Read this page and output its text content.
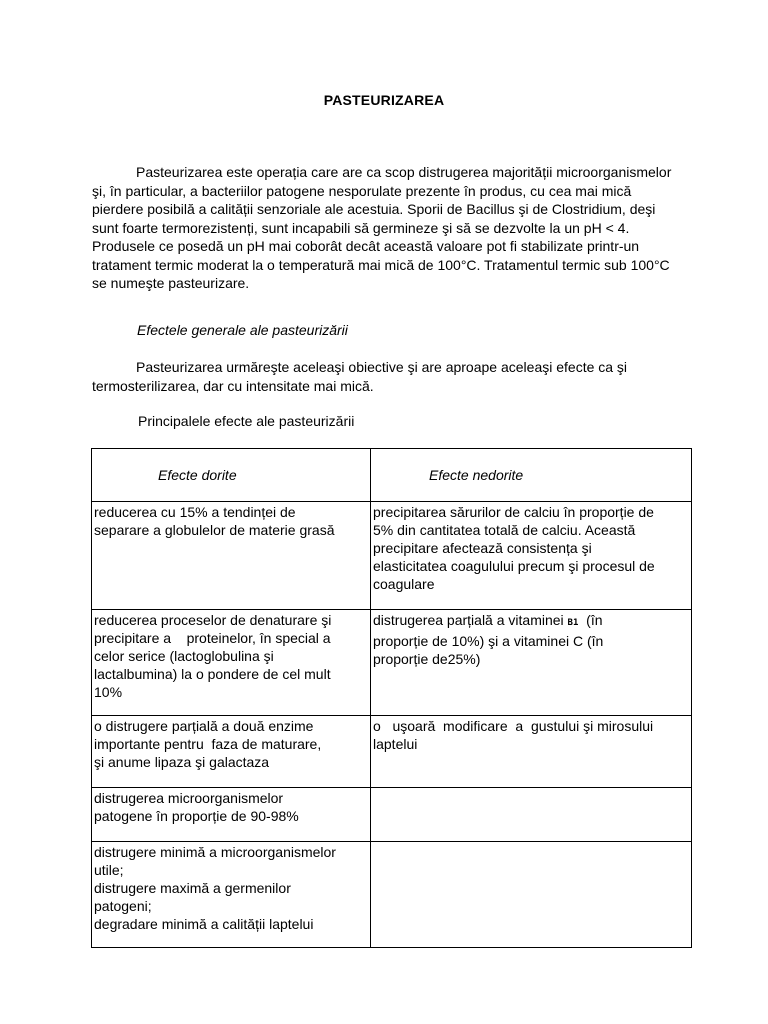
PASTEURIZAREA
Pasteurizarea este operația care are ca scop distrugerea majorității microorganismelor
şi, în particular, a bacteriilor patogene nesporulate prezente în produs, cu cea mai mică
pierdere posibilă a calității senzoriale ale acestuia. Sporii de Bacillus şi de Clostridium, deşi
sunt foarte termorezistenți, sunt incapabili să germineze şi să se dezvolte la un pH < 4.
Produsele ce posedă un pH mai coborât decât această valoare pot fi stabilizate printr-un
tratament termic moderat la o temperatură mai mică de 100°C. Tratamentul termic sub 100°C
se numeşte pasteurizare.
Efectele generale ale pasteurizării
Pasteurizarea urmăreşte aceleaşi obiective şi are aproape aceleaşi efecte ca şi
termosterilizarea, dar cu intensitate mai mică.
Principalele efecte ale pasteurizării
Efecte dorite	Efecte nedorite

reducerea cu 15% a tendinței de
separare a globulelor de materie grasă	precipitarea sărurilor de calciu în proporție de
5% din cantitatea totală de calciu. Această
precipitare afectează consistența şi
elasticitatea coagulului precum şi procesul de
coagulare

reducerea proceselor de denaturare şi
precipitare a    proteinelor, în special a
celor serice (lactoglobulina şi
lactalbumina) la o pondere de cel mult
10%	distrugerea parțială a vitaminei B1  (în
proporție de 10%) şi a vitaminei C (în
proporție de25%)

o distrugere parțială a două enzime
importante pentru  faza de maturare,
şi anume lipaza şi galactaza	o   uşoară  modificare  a  gustului şi mirosului
laptelui

distrugerea microorganismelor
patogene în proporție de 90-98%	

distrugere minimă a microorganismelor
utile;
distrugere maximă a germenilor
patogeni;
degradare minimă a calității laptelui	
